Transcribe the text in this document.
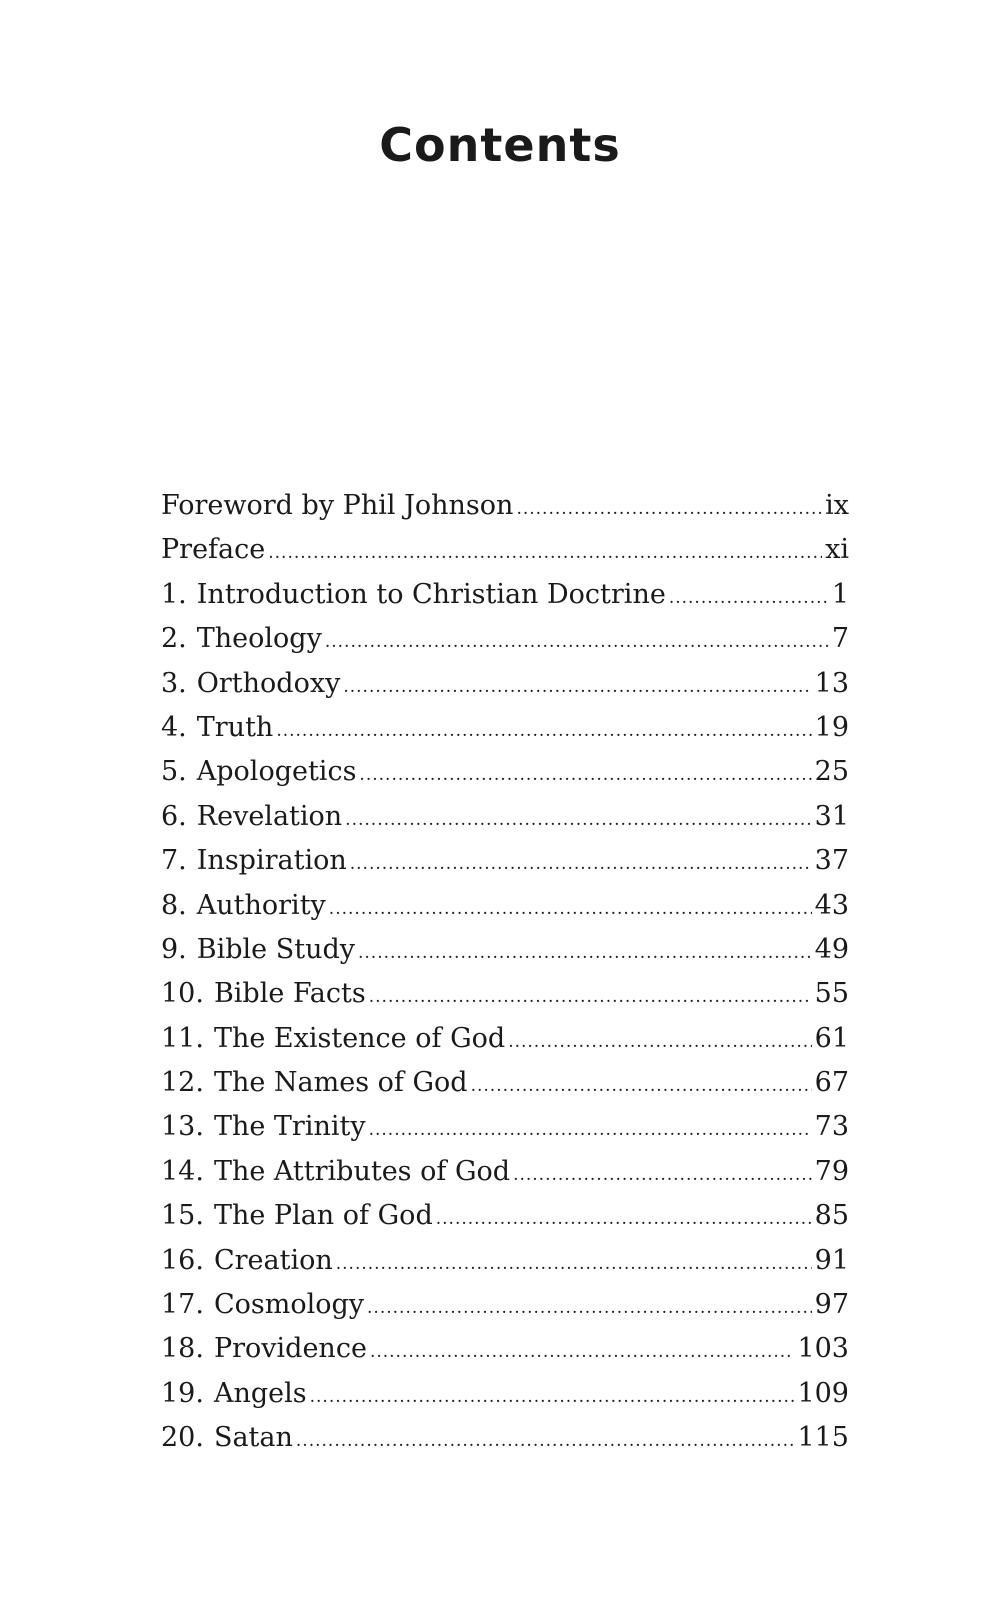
Contents
Foreword by Phil Johnson .....	ix
Preface .....	xi
1. Introduction to Christian Doctrine .....	1
2. Theology .....	7
3. Orthodoxy .....	13
4. Truth .....	19
5. Apologetics .....	25
6. Revelation .....	31
7. Inspiration .....	37
8. Authority .....	43
9. Bible Study .....	49
10. Bible Facts .....	55
11. The Existence of God .....	61
12. The Names of God .....	67
13. The Trinity .....	73
14. The Attributes of God .....	79
15. The Plan of God .....	85
16. Creation .....	91
17. Cosmology .....	97
18. Providence .....	103
19. Angels .....	109
20. Satan .....	115
